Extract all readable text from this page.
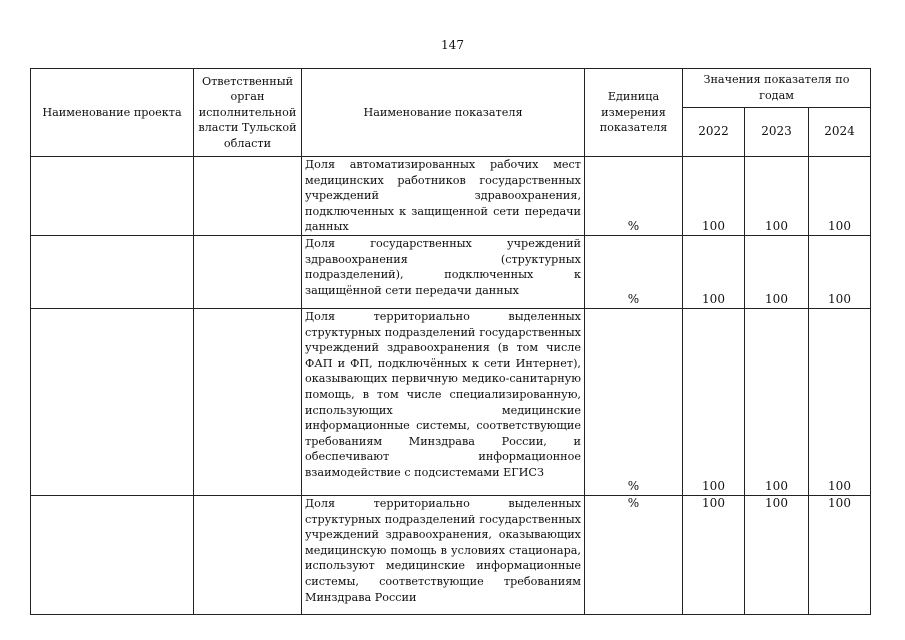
147
Наименование проекта	Ответственный орган исполнительной власти Тульской области	Наименование показателя	Единица измерения показателя	Значения показателя по годам		
				2022	2023	2024
		Доля автоматизированных рабочих мест медицинских работников государственных учреждений здравоохранения, подключенных к защищенной сети передачи данных	%	100	100	100
		Доля государственных учреждений здравоохранения (структурных подразделений), подключенных к защищённой сети передачи данных	%	100	100	100
		Доля территориально выделенных структурных подразделений государственных учреждений здравоохранения (в том числе ФАП и ФП, подключённых к сети Интернет), оказывающих первичную медико-санитарную помощь, в том числе специализированную, использующих медицинские информационные системы, соответствующие требованиям Минздрава России, и обеспечивают информационное взаимодействие с подсистемами ЕГИСЗ	%	100	100	100
		Доля территориально выделенных структурных подразделений государственных учреждений здравоохранения, оказывающих медицинскую помощь в условиях стационара, используют медицинские информационные системы, соответствующие требованиям Минздрава России	%	100	100	100
